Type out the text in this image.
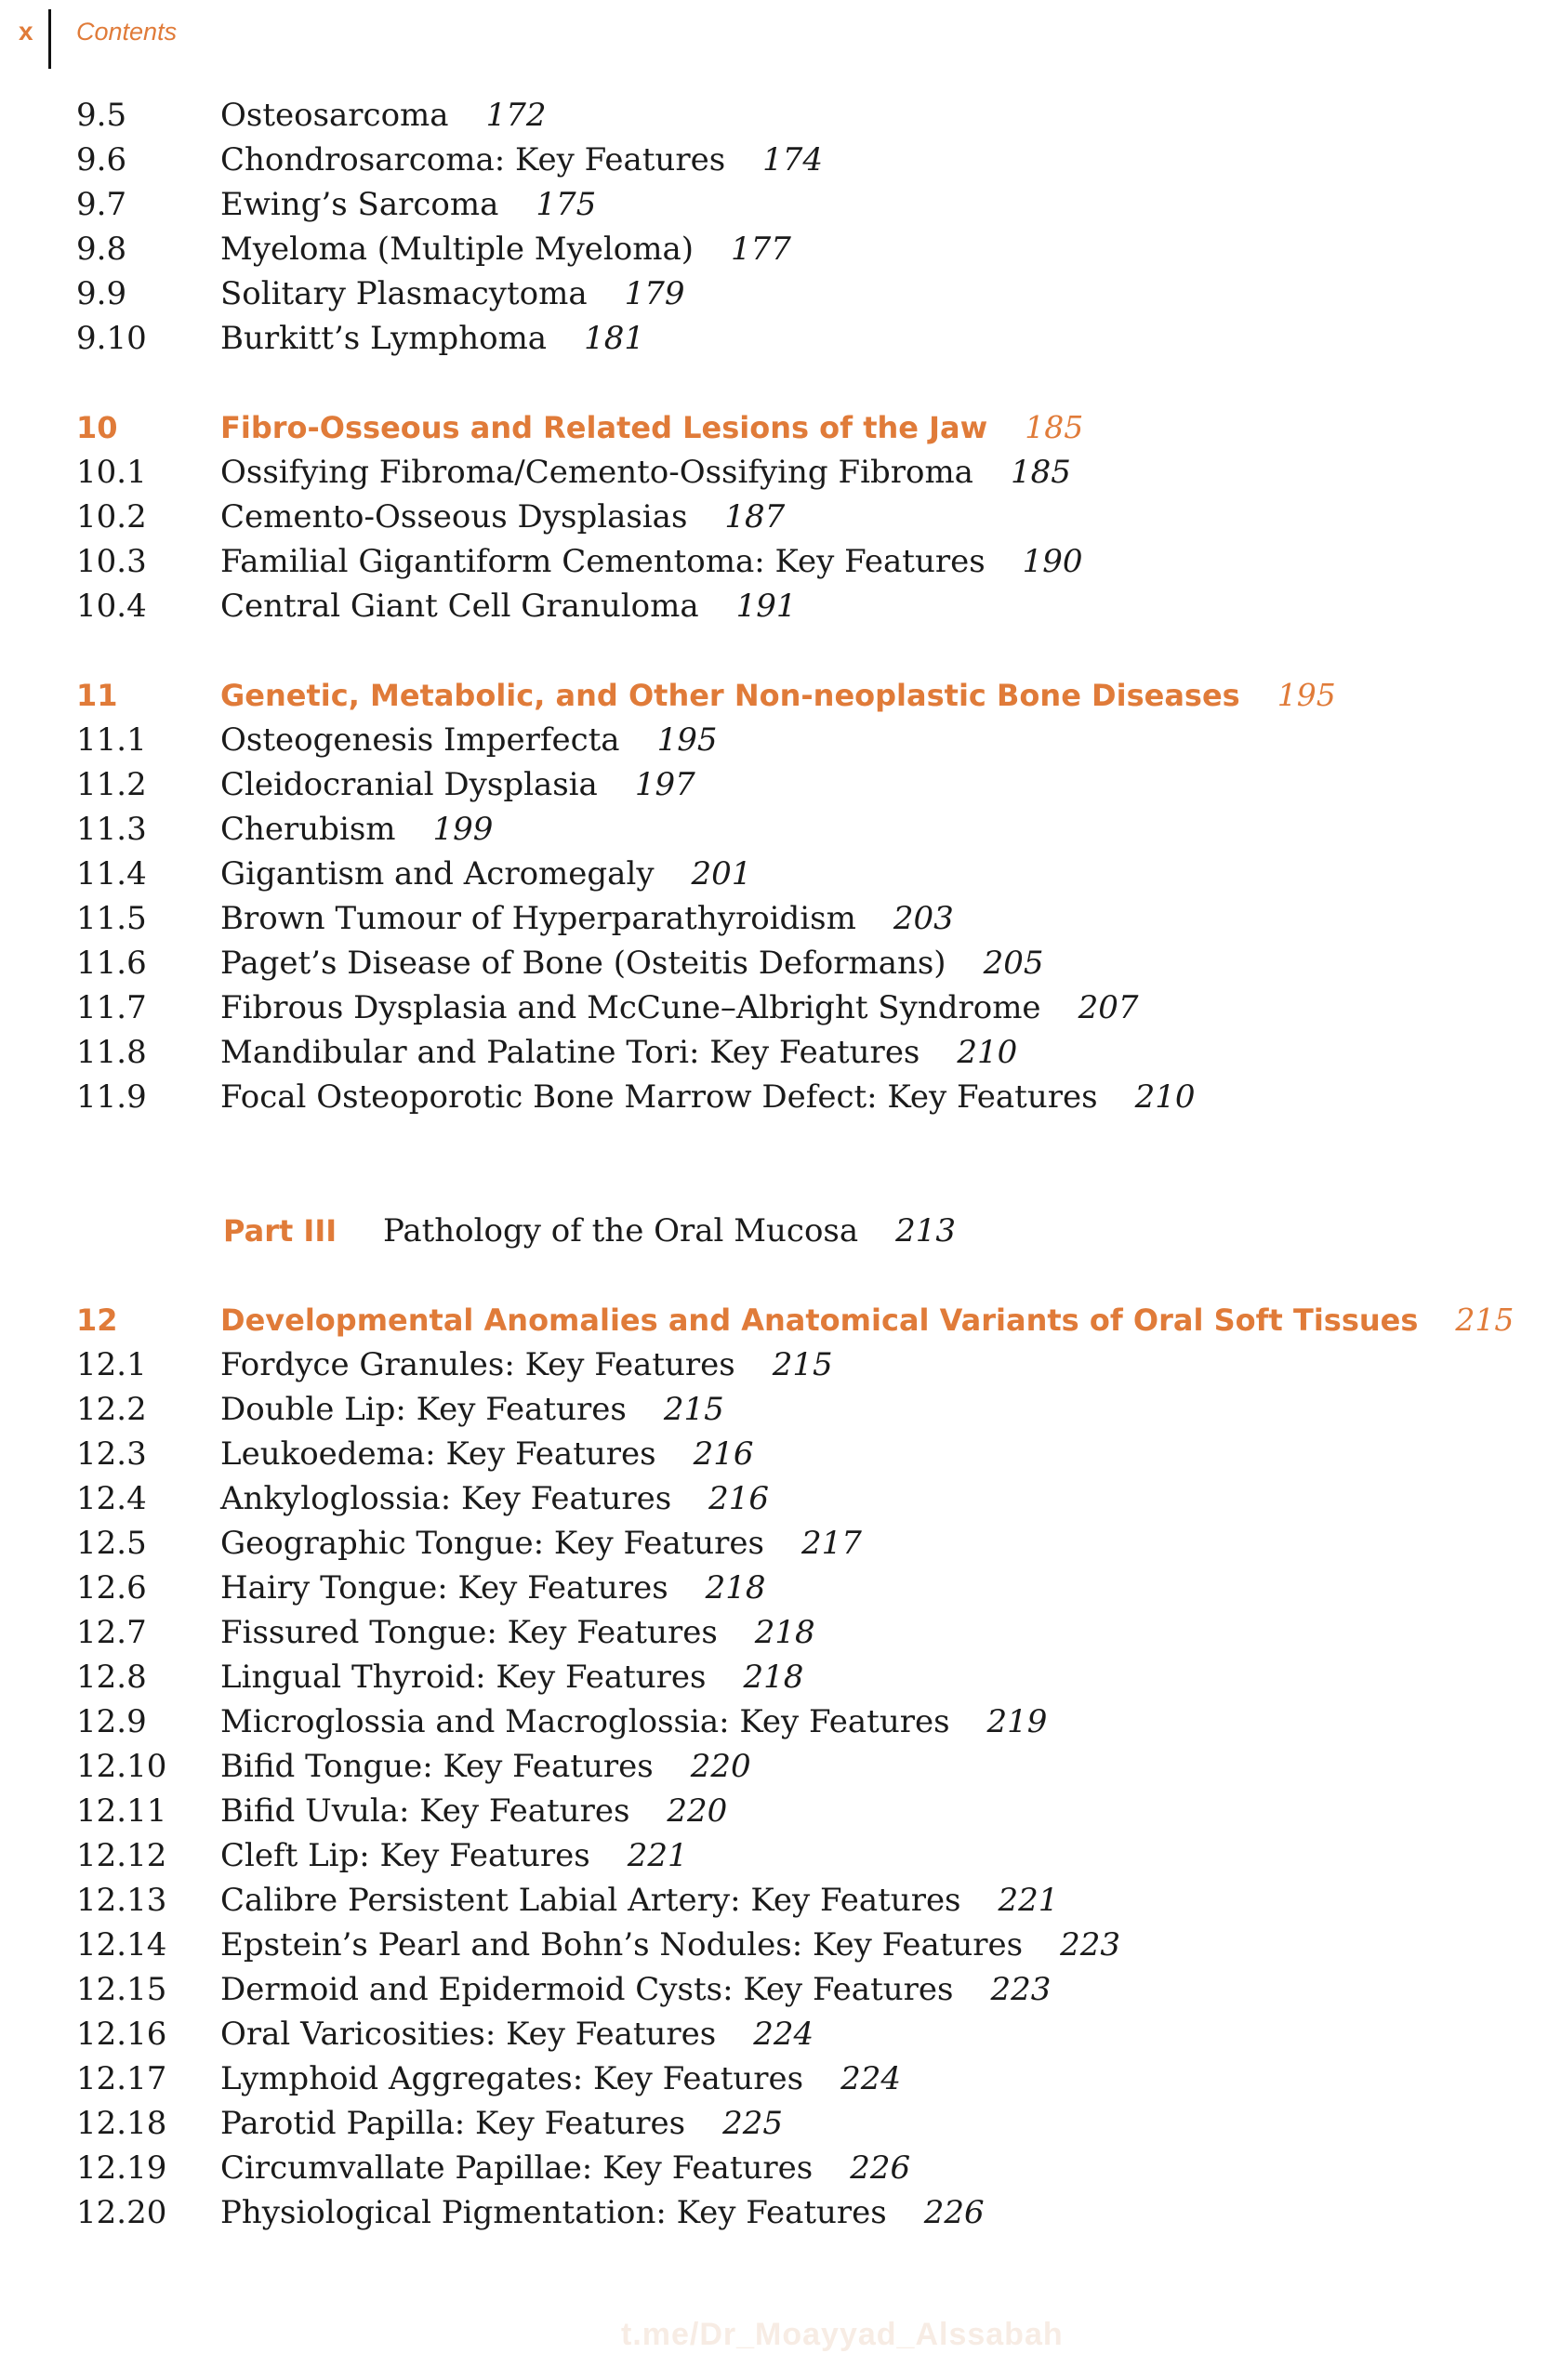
x	Contents
9.5	Osteosarcoma 172
9.6	Chondrosarcoma: Key Features 174
9.7	Ewing’s Sarcoma 175
9.8	Myeloma (Multiple Myeloma) 177
9.9	Solitary Plasmacytoma 179
9.10 Burkitt’s Lymphoma 181
10	Fibro-Osseous and Related Lesions of the Jaw 185
10.1 Ossifying Fibroma/Cemento-Ossifying Fibroma 185
10.2 Cemento-Osseous Dysplasias 187
10.3 Familial Gigantiform Cementoma: Key Features 190
10.4 Central Giant Cell Granuloma 191
11	Genetic, Metabolic, and Other Non-neoplastic Bone Diseases 195
11.1 Osteogenesis Imperfecta 195
11.2 Cleidocranial Dysplasia 197
11.3 Cherubism 199
11.4 Gigantism and Acromegaly 201
11.5 Brown Tumour of Hyperparathyroidism 203
11.6 Paget’s Disease of Bone (Osteitis Deformans) 205
11.7 Fibrous Dysplasia and McCune–Albright Syndrome 207
11.8 Mandibular and Palatine Tori: Key Features 210
11.9 Focal Osteoporotic Bone Marrow Defect: Key Features 210
Part III Pathology of the Oral Mucosa 213
12	Developmental Anomalies and Anatomical Variants of Oral Soft Tissues 215
12.1 Fordyce Granules: Key Features 215
12.2 Double Lip: Key Features 215
12.3 Leukoedema: Key Features 216
12.4 Ankyloglossia: Key Features 216
12.5 Geographic Tongue: Key Features 217
12.6 Hairy Tongue: Key Features 218
12.7 Fissured Tongue: Key Features 218
12.8 Lingual Thyroid: Key Features 218
12.9 Microglossia and Macroglossia: Key Features 219
12.10 Bifid Tongue: Key Features 220
12.11 Bifid Uvula: Key Features 220
12.12 Cleft Lip: Key Features 221
12.13 Calibre Persistent Labial Artery: Key Features 221
12.14 Epstein’s Pearl and Bohn’s Nodules: Key Features 223
12.15 Dermoid and Epidermoid Cysts: Key Features 223
12.16 Oral Varicosities: Key Features 224
12.17 Lymphoid Aggregates: Key Features 224
12.18 Parotid Papilla: Key Features 225
12.19 Circumvallate Papillae: Key Features 226
12.20 Physiological Pigmentation: Key Features 226
t.me/Dr_Moayyad_Alssabah
